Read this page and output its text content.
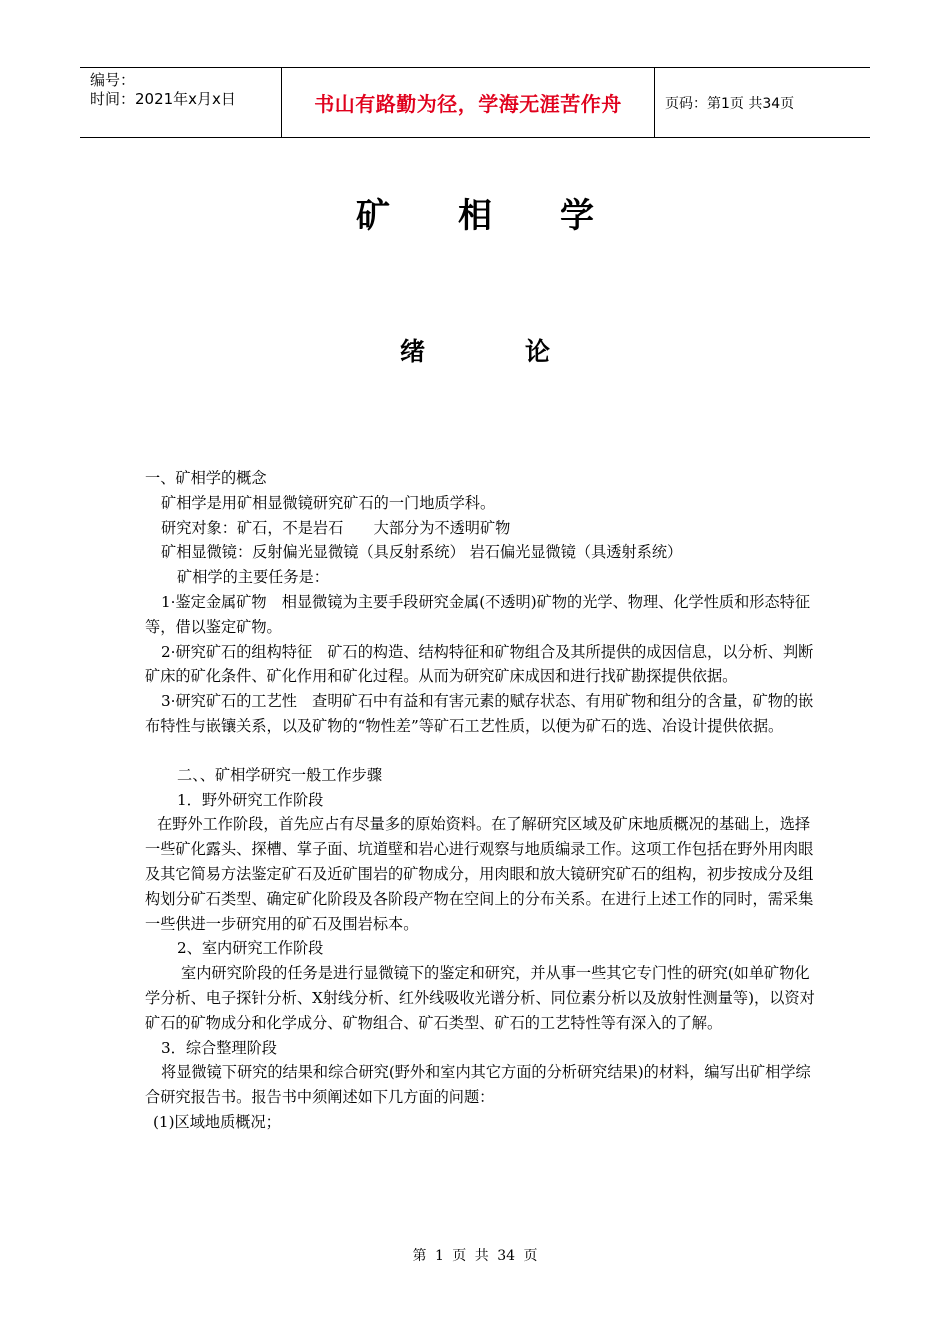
编号：
时间：2021年x月x日	书山有路勤为径，学海无涯苦作舟	页码：第1页 共34页
矿相学
绪论

一、矿相学的概念

矿相学是用矿相显微镜研究矿石的一门地质学科。

研究对象：矿石，不是岩石　　大部分为不透明矿物

矿相显微镜：反射偏光显微镜（具反射系统） 岩石偏光显微镜（具透射系统）

矿相学的主要任务是：

1·鉴定金属矿物　相显微镜为主要手段研究金属(不透明)矿物的光学、物理、化学性质和形态特征等，借以鉴定矿物。

2·研究矿石的组构特征　矿石的构造、结构特征和矿物组合及其所提供的成因信息，以分析、判断矿床的矿化条件、矿化作用和矿化过程。从而为研究矿床成因和进行找矿勘探提供依据。

3·研究矿石的工艺性　查明矿石中有益和有害元素的赋存状态、有用矿物和组分的含量，矿物的嵌布特性与嵌镶关系，以及矿物的“物性差”等矿石工艺性质，以便为矿石的选、冶设计提供依据。

二、、矿相学研究一般工作步骤

1．野外研究工作阶段

在野外工作阶段，首先应占有尽量多的原始资料。在了解研究区域及矿床地质概况的基础上，选择一些矿化露头、探槽、掌子面、坑道壁和岩心进行观察与地质编录工作。这项工作包括在野外用肉眼及其它简易方法鉴定矿石及近矿围岩的矿物成分，用肉眼和放大镜研究矿石的组构，初步按成分及组构划分矿石类型、确定矿化阶段及各阶段产物在空间上的分布关系。在进行上述工作的同时，需采集一些供进一步研究用的矿石及围岩标本。

2、室内研究工作阶段

室内研究阶段的任务是进行显微镜下的鉴定和研究，并从事一些其它专门性的研究(如单矿物化学分析、电子探针分析、X射线分析、红外线吸收光谱分析、同位素分析以及放射性测量等)，以资对矿石的矿物成分和化学成分、矿物组合、矿石类型、矿石的工艺特性等有深入的了解。

3．综合整理阶段

将显微镜下研究的结果和综合研究(野外和室内其它方面的分析研究结果)的材料，编写出矿相学综合研究报告书。报告书中须阐述如下几方面的问题：

(1)区域地质概况；

第 1 页 共 34 页
